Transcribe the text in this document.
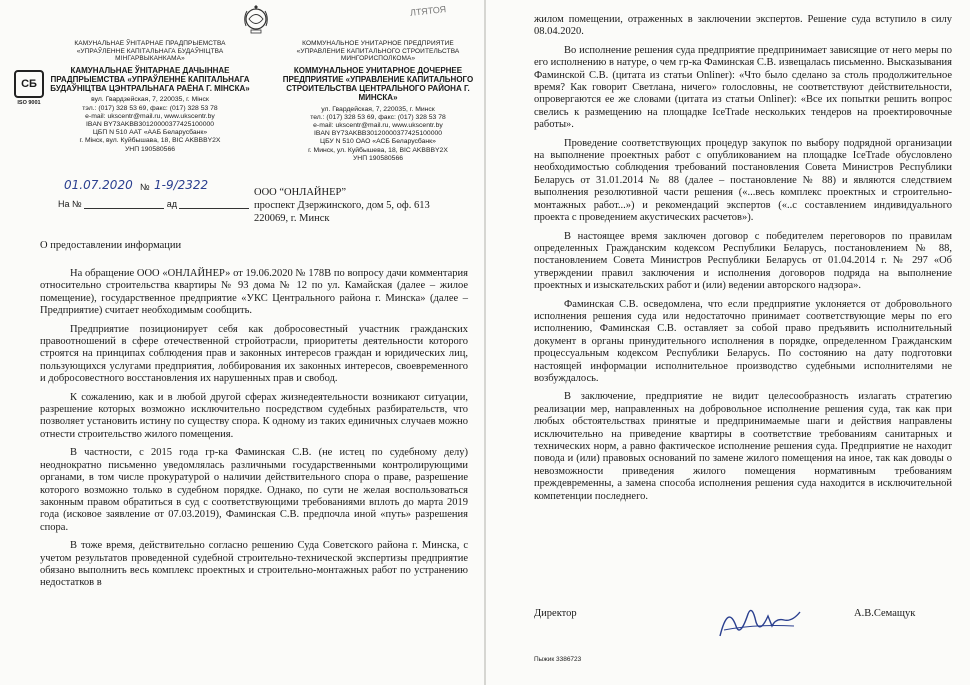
ЛТЯТОЯ
СБ
ISO 9001
КАМУНАЛЬНАЕ ЎНІТАРНАЕ ПРАДПРЫЕМСТВА «УПРАЎЛЕННЕ КАПІТАЛЬНАГА БУДАЎНІЦТВА МІНГАРВЫКАНКАМА»
КАМУНАЛЬНАЕ ЎНІТАРНАЕ ДАЧЫННАЕ ПРАДПРЫЕМСТВА «УПРАЎЛЕННЕ КАПІТАЛЬНАГА БУДАЎНІЦТВА ЦЭНТРАЛЬНАГА РАЁНА Г. МІНСКА»
вул. Гвардзейская, 7, 220035, г. Мінск
тэл.: (017) 328 53 69, факс: (017) 328 53 78
e-mail: ukscentr@mail.ru, www.ukscentr.by
IBAN BY73AKBB30120000377425100000
ЦБП N 510 ААТ «ААБ Беларусбанк»
г. Мінск, вул. Куйбышава, 18, BIC AKBBBY2X
УНП 190580566
КОММУНАЛЬНОЕ УНИТАРНОЕ ПРЕДПРИЯТИЕ «УПРАВЛЕНИЕ КАПИТАЛЬНОГО СТРОИТЕЛЬСТВА МИНГОРИСПОЛКОМА»
КОММУНАЛЬНОЕ УНИТАРНОЕ ДОЧЕРНЕЕ ПРЕДПРИЯТИЕ «УПРАВЛЕНИЕ КАПИТАЛЬНОГО СТРОИТЕЛЬСТВА ЦЕНТРАЛЬНОГО РАЙОНА Г. МИНСКА»
ул. Гвардейская, 7, 220035, г. Минск
тел.: (017) 328 53 69, факс: (017) 328 53 78
e-mail: ukscentr@mail.ru, www.ukscentr.by
IBAN BY73AKBB30120000377425100000
ЦБУ N 510 ОАО «АСБ Беларусбанк»
г. Минск, ул. Куйбышева, 18, BIC AKBBBY2X
УНП 190580566
01.07.2020 № 1-9/2322
На №	ад
ООО “ОНЛАЙНЕР”
проспект Дзержинского, дом 5, оф. 613
220069, г. Минск
О предоставлении информации

На обращение ООО «ОНЛАЙНЕР» от 19.06.2020 № 178В по вопросу дачи комментария относительно строительства квартиры № 93 дома № 12 по ул. Камайская (далее – жилое помещение), государственное предприятие «УКС Центрального района г. Минска» (далее – Предприятие) считает необходимым сообщить.

Предприятие позиционирует себя как добросовестный участник гражданских правоотношений в сфере отечественной стройотрасли, приоритеты деятельности которого строятся на принципах соблюдения прав и законных интересов граждан и юридических лиц, пользующихся услугами предприятия, лоббирования их законных интересов, своевременного и добросовестного восстановления их нарушенных прав и свобод.

К сожалению, как и в любой другой сферах жизнедеятельности возникают ситуации, разрешение которых возможно исключительно посредством судебных разбирательств, что позволяет установить истину по существу спора. К одному из таких единичных случаев можно отнести строительство жилого помещения.

В частности, с 2015 года гр-ка Фаминская С.В. (не истец по судебному делу) неоднократно письменно уведомлялась различными государственными контролирующими органами, в том числе прокуратурой о наличии действительного спора о праве, разрешение которого возможно только в судебном порядке. Однако, по сути не желая воспользоваться законным правом обратиться в суд с соответствующими требованиями вплоть до марта 2019 года (исковое заявление от 07.03.2019), Фаминская С.В. предпочла иной «путь» разрешения спора.

В тоже время, действительно согласно решению Суда Советского района г. Минска, с учетом результатов проведенной судебной строительно-технической экспертизы предприятие обязано выполнить весь комплекс проектных и строительно-монтажных работ по устранению недостатков в

жилом помещении, отраженных в заключении экспертов. Решение суда вступило в силу 08.04.2020.

Во исполнение решения суда предприятие предпринимает зависящие от него меры по его исполнению в натуре, о чем гр-ка Фаминская С.В. извещалась письменно. Высказывания Фаминской С.В. (цитата из статьи Onliner): «Что было сделано за столь продолжительное время? Как говорит Светлана, ничего» голословны, не соответствуют действительности, опровергаются ее же словами (цитата из статьи Onliner): «Все их попытки решить вопрос свелись к размещению на площадке IceTrade нескольких тендеров на проектировочные работы».

Проведение соответствующих процедур закупок по выбору подрядной организации на выполнение проектных работ с опубликованием на площадке IceTrade обусловлено необходимостью соблюдения требований постановления Совета Министров Республики Беларусь от 31.01.2014 № 88 (далее – постановление № 88) и являются следствием выполнения резолютивной части решения («...весь комплекс проектных и строительно-монтажных работ...») и рекомендаций экспертов («..с составлением индивидуального проекта с проведением акустических расчетов»).

В настоящее время заключен договор с победителем переговоров по правилам определенных Гражданским кодексом Республики Беларусь, постановлением № 88, постановлением Совета Министров Республики Беларусь от 01.04.2014 г. № 297 «Об утверждении правил заключения и исполнения договоров подряда на выполнение проектных и изыскательских работ и (или) ведении авторского надзора».

Фаминская С.В. осведомлена, что если предприятие уклоняется от добровольного исполнения решения суда или недостаточно принимает соответствующие меры по его исполнению, Фаминская С.В. оставляет за собой право предъявить исполнительный документ в органы принудительного исполнения в порядке, определенном Гражданским процессуальным кодексом Республики Беларусь. По состоянию на дату подготовки настоящей информации исполнительное производство судебными исполнителями не возбуждалось.

В заключение, предприятие не видит целесообразность излагать стратегию реализации мер, направленных на добровольное исполнение решения суда, так как при любых обстоятельствах принятые и предпринимаемые шаги и действия направлены исключительно на приведение квартиры в соответствие требованиям санитарных и технических норм, а равно фактическое исполнение решения суда. Предприятие не находит повода и (или) правовых оснований по замене жилого помещения на иное, так как доводы о невозможности приведения жилого помещения нормативным требованиям преждевременны, а замена способа исполнения решения суда находится в исключительной компетенции последнего.

Директор	А.В.Семащук
Пыжик 3386723
